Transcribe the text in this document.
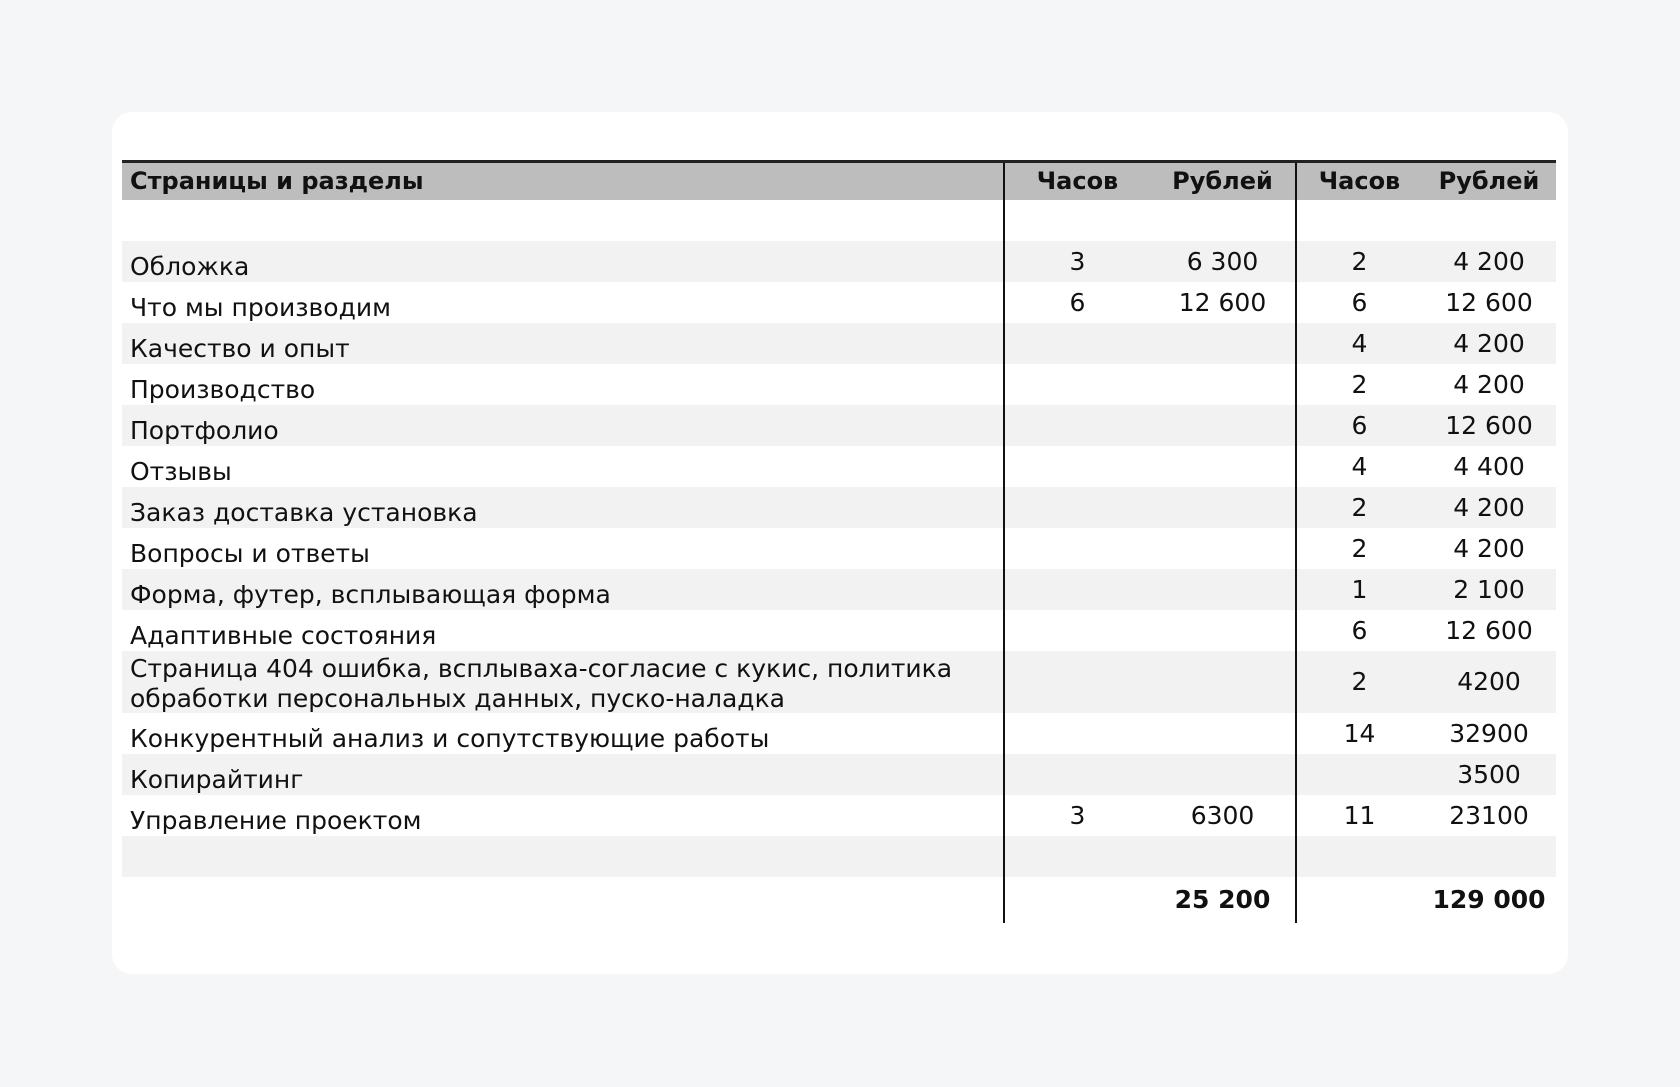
Страницы и разделы	Часов	Рублей	Часов	Рублей

Обложка	3	6 300	2	4 200
Что мы производим	6	12 600	6	12 600
Качество и опыт			4	4 200
Производство			2	4 200
Портфолио			6	12 600
Отзывы			4	4 400
Заказ доставка установка			2	4 200
Вопросы и ответы			2	4 200
Форма, футер, всплывающая форма			1	2 100
Адаптивные состояния			6	12 600
Страница 404 ошибка, всплываха-согласие с кукис, политика обработки персональных данных, пуско-наладка			2	4200
Конкурентный анализ и сопутствующие работы			14	32900
Копирайтинг				3500
Управление проектом	3	6300	11	23100

		25 200		129 000
